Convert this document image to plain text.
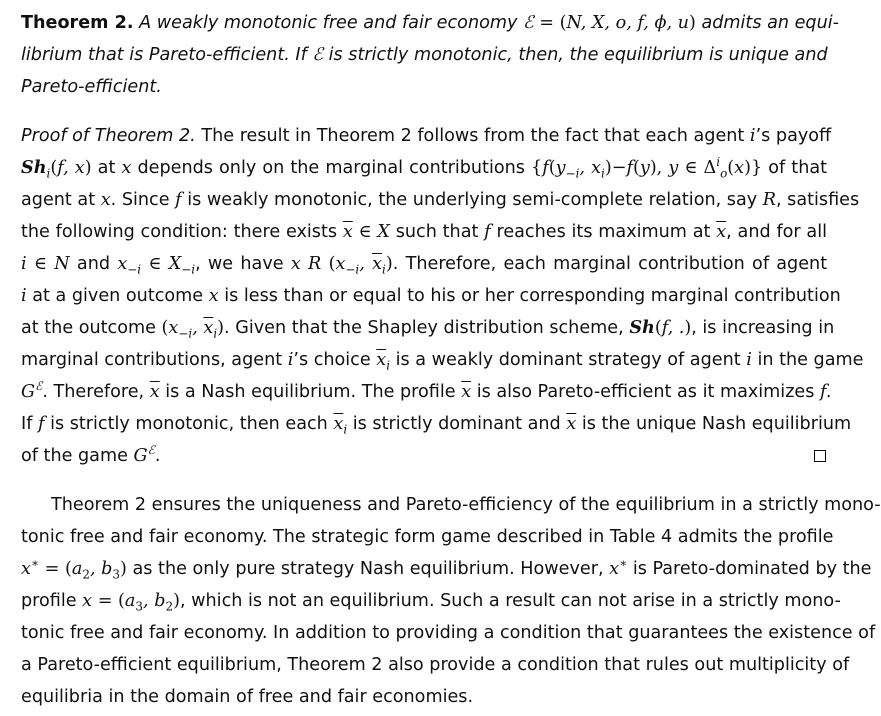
Theorem 2. A weakly monotonic free and fair economy ℰ = (N, X, o, f, ϕ, u) admits an equi-
librium that is Pareto-efficient. If ℰ is strictly monotonic, then, the equilibrium is unique and
Pareto-efficient.
Proof of Theorem 2. The result in Theorem 2 follows from the fact that each agent i’s payoff
$Sh_i(f$, x) at x depends only on the marginal contributions {$f(y_{-i}$, $x_i)-f(y)$, y ∈ $\Delta^i_o(x)$} of that
agent at x. Since f is weakly monotonic, the underlying semi-complete relation, say R, satisfies
the following condition: there exists $\overline{x}$ ∈ X such that f reaches its maximum at $\overline{x}$, and for all
i ∈ N and $x_{-i}$ ∈ $X_{-i}$, we have x R ($x_{-i}$, $\overline{x}_i$). Therefore, each marginal contribution of agent
i at a given outcome x is less than or equal to his or her corresponding marginal contribution
at the outcome ($x_{-i}$, $\overline{x}_i$). Given that the Shapley distribution scheme, Sh(f, .), is increasing in
marginal contributions, agent i’s choice $\overline{x}_i$ is a weakly dominant strategy of agent i in the game
$G^ℰ$. Therefore, $\overline{x}$ is a Nash equilibrium. The profile $\overline{x}$ is also Pareto-efficient as it maximizes f.
If f is strictly monotonic, then each $\overline{x}_i$ is strictly dominant and $\overline{x}$ is the unique Nash equilibrium
of the game $G^ℰ$.
Theorem 2 ensures the uniqueness and Pareto-efficiency of the equilibrium in a strictly mono-
tonic free and fair economy. The strategic form game described in Table 4 admits the profile
$x^∗ = (a_2$, $b_3$) as the only pure strategy Nash equilibrium. However, x∗ is Pareto-dominated by the
profile $x = (a_3$, $b_2$), which is not an equilibrium. Such a result can not arise in a strictly mono-
tonic free and fair economy. In addition to providing a condition that guarantees the existence of
a Pareto-efficient equilibrium, Theorem 2 also provide a condition that rules out multiplicity of
equilibria in the domain of free and fair economies.
